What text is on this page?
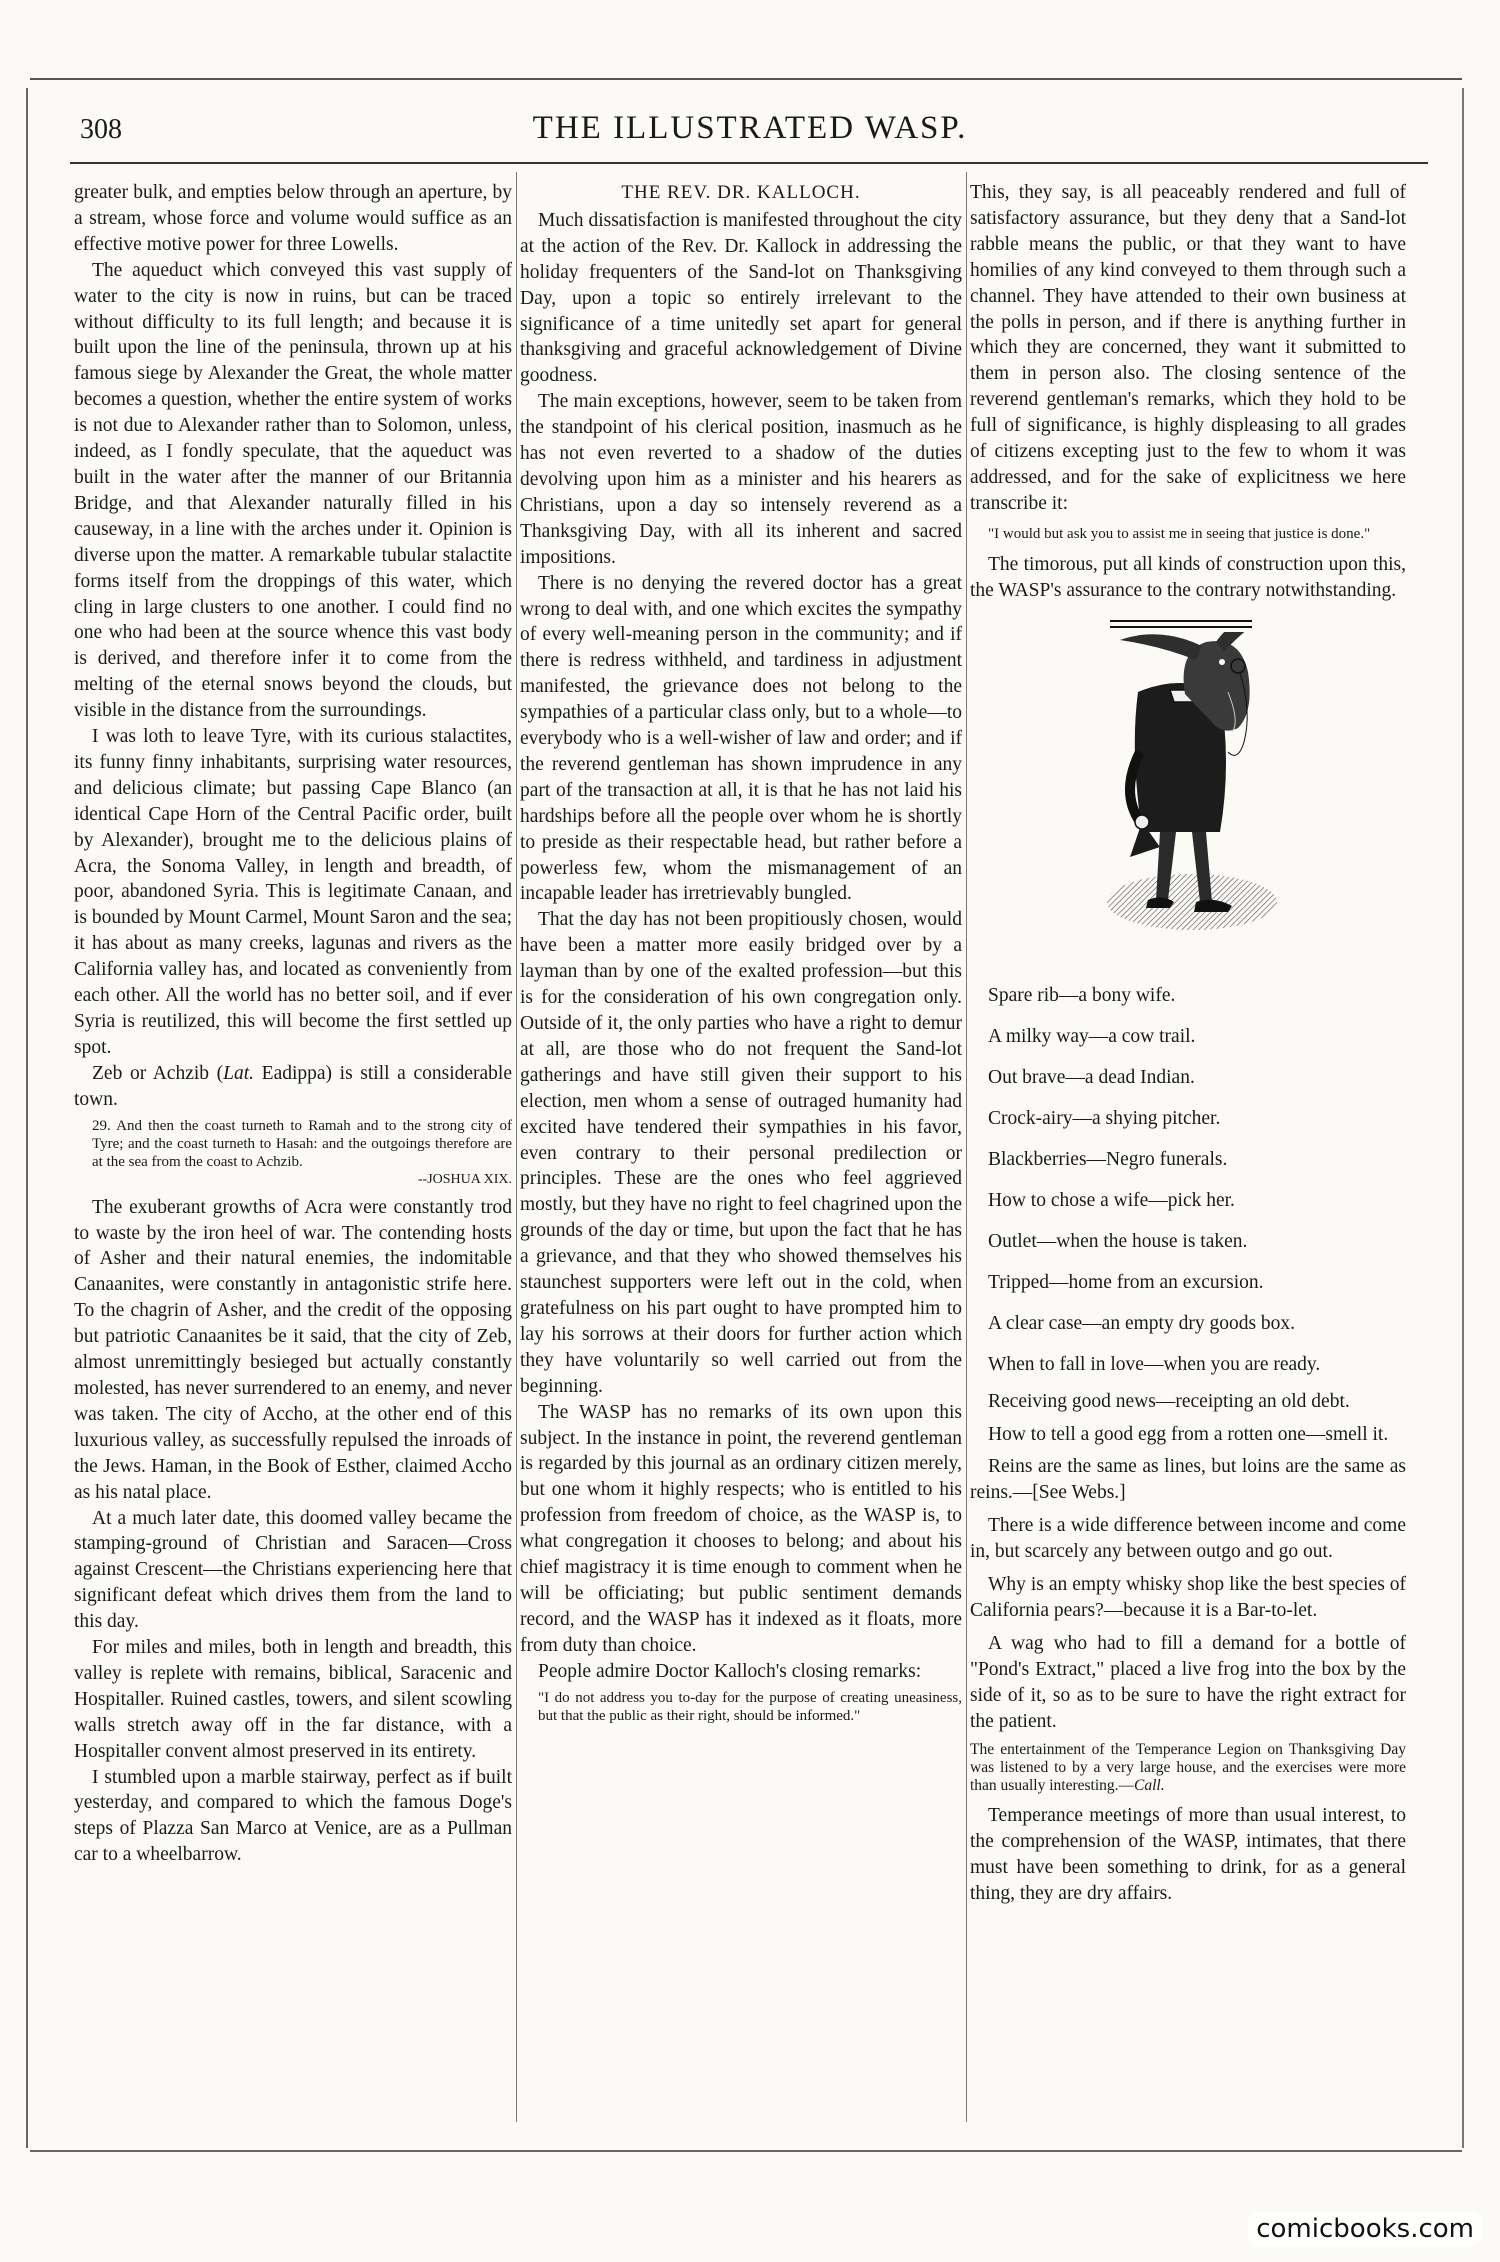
308	THE ILLUSTRATED WASP.

greater bulk, and empties below through an aperture, by a stream, whose force and volume would suffice as an effective motive power for three Lowells.

The aqueduct which conveyed this vast supply of water to the city is now in ruins, but can be traced without difficulty to its full length; and because it is built upon the line of the peninsula, thrown up at his famous siege by Alexander the Great, the whole matter becomes a question, whether the entire system of works is not due to Alexander rather than to Solomon, unless, indeed, as I fondly speculate, that the aqueduct was built in the water after the manner of our Britannia Bridge, and that Alexander naturally filled in his causeway, in a line with the arches under it. Opinion is diverse upon the matter. A remarkable tubular stalactite forms itself from the droppings of this water, which cling in large clusters to one another. I could find no one who had been at the source whence this vast body is derived, and therefore infer it to come from the melting of the eternal snows beyond the clouds, but visible in the distance from the surroundings.

I was loth to leave Tyre, with its curious stalactites, its funny finny inhabitants, surprising water resources, and delicious climate; but passing Cape Blanco (an identical Cape Horn of the Central Pacific order, built by Alexander), brought me to the delicious plains of Acra, the Sonoma Valley, in length and breadth, of poor, abandoned Syria. This is legitimate Canaan, and is bounded by Mount Carmel, Mount Saron and the sea; it has about as many creeks, lagunas and rivers as the California valley has, and located as conveniently from each other. All the world has no better soil, and if ever Syria is reutilized, this will become the first settled up spot.

Zeb or Achzib (Lat. Eadippa) is still a considerable town.

29. And then the coast turneth to Ramah and to the strong city of Tyre; and the coast turneth to Hasah: and the outgoings therefore are at the sea from the coast to Achzib.
--JOSHUA XIX.

The exuberant growths of Acra were constantly trod to waste by the iron heel of war. The contending hosts of Asher and their natural enemies, the indomitable Canaanites, were constantly in antagonistic strife here. To the chagrin of Asher, and the credit of the opposing but patriotic Canaanites be it said, that the city of Zeb, almost unremittingly besieged but actually constantly molested, has never surrendered to an enemy, and never was taken. The city of Accho, at the other end of this luxurious valley, as successfully repulsed the inroads of the Jews. Haman, in the Book of Esther, claimed Accho as his natal place.

At a much later date, this doomed valley became the stamping-ground of Christian and Saracen—Cross against Crescent—the Christians experiencing here that significant defeat which drives them from the land to this day.

For miles and miles, both in length and breadth, this valley is replete with remains, biblical, Saracenic and Hospitaller. Ruined castles, towers, and silent scowling walls stretch away off in the far distance, with a Hospitaller convent almost preserved in its entirety.

I stumbled upon a marble stairway, perfect as if built yesterday, and compared to which the famous Doge's steps of Plazza San Marco at Venice, are as a Pullman car to a wheelbarrow.

THE REV. DR. KALLOCH.

Much dissatisfaction is manifested throughout the city at the action of the Rev. Dr. Kallock in addressing the holiday frequenters of the Sand-lot on Thanksgiving Day, upon a topic so entirely irrelevant to the significance of a time unitedly set apart for general thanksgiving and graceful acknowledgement of Divine goodness.

The main exceptions, however, seem to be taken from the standpoint of his clerical position, inasmuch as he has not even reverted to a shadow of the duties devolving upon him as a minister and his hearers as Christians, upon a day so intensely reverend as a Thanksgiving Day, with all its inherent and sacred impositions.

There is no denying the revered doctor has a great wrong to deal with, and one which excites the sympathy of every well-meaning person in the community; and if there is redress withheld, and tardiness in adjustment manifested, the grievance does not belong to the sympathies of a particular class only, but to a whole—to everybody who is a well-wisher of law and order; and if the reverend gentleman has shown imprudence in any part of the transaction at all, it is that he has not laid his hardships before all the people over whom he is shortly to preside as their respectable head, but rather before a powerless few, whom the mismanagement of an incapable leader has irretrievably bungled.

That the day has not been propitiously chosen, would have been a matter more easily bridged over by a layman than by one of the exalted profession—but this is for the consideration of his own congregation only. Outside of it, the only parties who have a right to demur at all, are those who do not frequent the Sand-lot gatherings and have still given their support to his election, men whom a sense of outraged humanity had excited have tendered their sympathies in his favor, even contrary to their personal predilection or principles. These are the ones who feel aggrieved mostly, but they have no right to feel chagrined upon the grounds of the day or time, but upon the fact that he has a grievance, and that they who showed themselves his staunchest supporters were left out in the cold, when gratefulness on his part ought to have prompted him to lay his sorrows at their doors for further action which they have voluntarily so well carried out from the beginning.

The WASP has no remarks of its own upon this subject. In the instance in point, the reverend gentleman is regarded by this journal as an ordinary citizen merely, but one whom it highly respects; who is entitled to his profession from freedom of choice, as the WASP is, to what congregation it chooses to belong; and about his chief magistracy it is time enough to comment when he will be officiating; but public sentiment demands record, and the WASP has it indexed as it floats, more from duty than choice.

People admire Doctor Kalloch's closing remarks:

"I do not address you to-day for the purpose of creating uneasiness, but that the public as their right, should be informed."

This, they say, is all peaceably rendered and full of satisfactory assurance, but they deny that a Sand-lot rabble means the public, or that they want to have homilies of any kind conveyed to them through such a channel. They have attended to their own business at the polls in person, and if there is anything further in which they are concerned, they want it submitted to them in person also. The closing sentence of the reverend gentleman's remarks, which they hold to be full of significance, is highly displeasing to all grades of citizens excepting just to the few to whom it was addressed, and for the sake of explicitness we here transcribe it:

"I would but ask you to assist me in seeing that justice is done."

The timorous, put all kinds of construction upon this, the WASP's assurance to the contrary notwithstanding.

Spare rib—a bony wife.

A milky way—a cow trail.

Out brave—a dead Indian.

Crock-airy—a shying pitcher.

Blackberries—Negro funerals.

How to chose a wife—pick her.

Outlet—when the house is taken.

Tripped—home from an excursion.

A clear case—an empty dry goods box.

When to fall in love—when you are ready.

Receiving good news—receipting an old debt.

How to tell a good egg from a rotten one—smell it.

Reins are the same as lines, but loins are the same as reins.—[See Webs.]

There is a wide difference between income and come in, but scarcely any between outgo and go out.

Why is an empty whisky shop like the best species of California pears?—because it is a Bar-to-let.

A wag who had to fill a demand for a bottle of "Pond's Extract," placed a live frog into the box by the side of it, so as to be sure to have the right extract for the patient.

The entertainment of the Temperance Legion on Thanksgiving Day was listened to by a very large house, and the exercises were more than usually interesting.—Call.

Temperance meetings of more than usual interest, to the comprehension of the WASP, intimates, that there must have been something to drink, for as a general thing, they are dry affairs.

comicbooks.com
